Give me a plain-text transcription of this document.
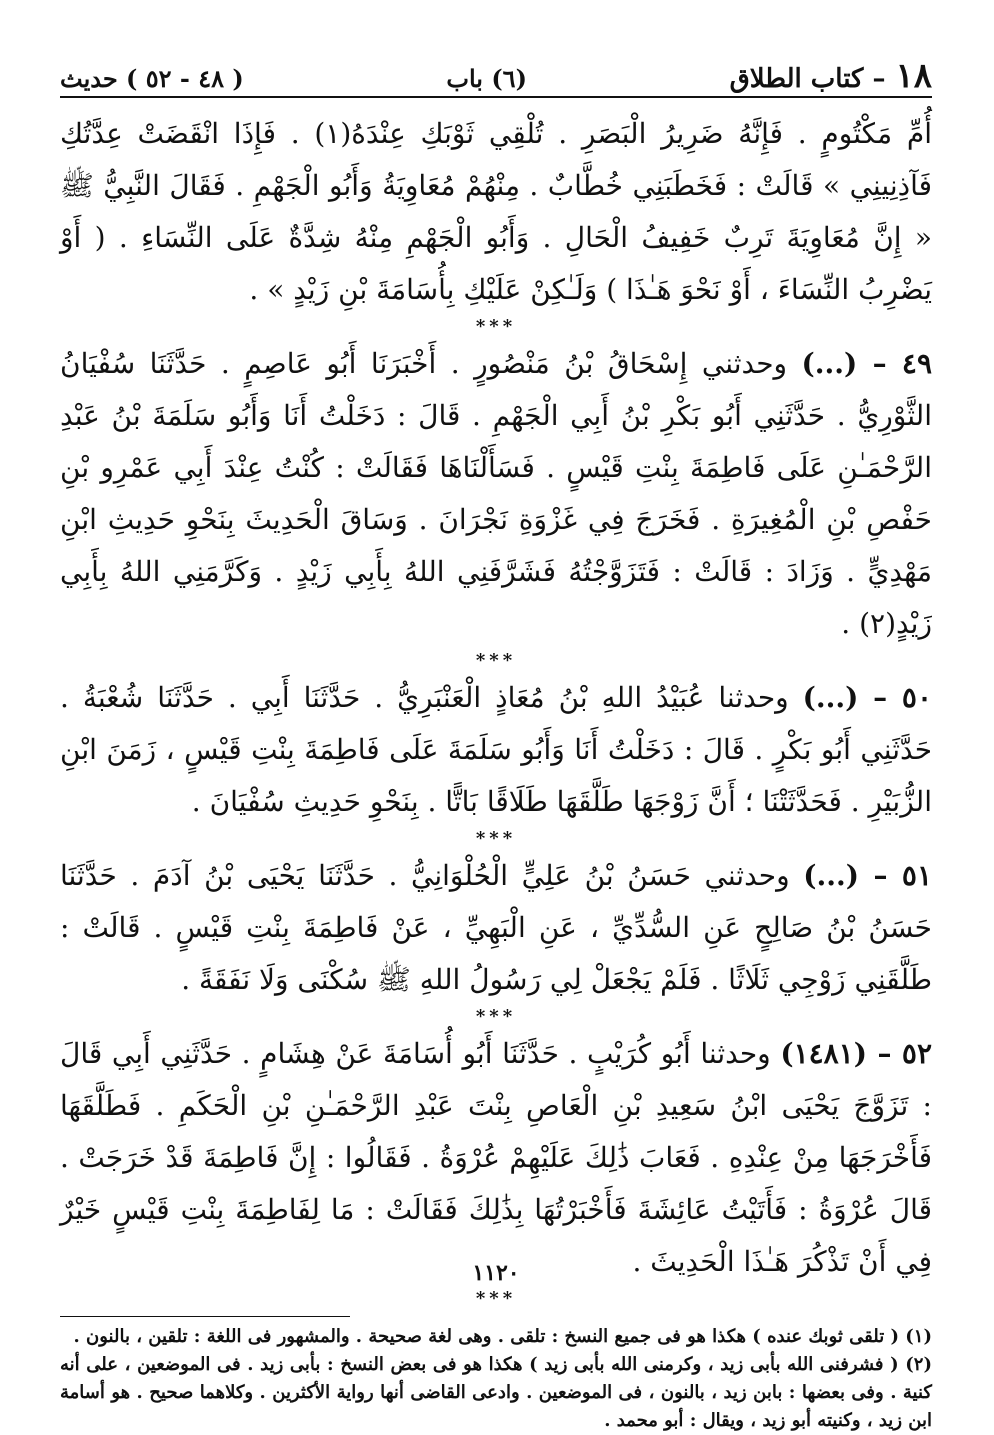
١٨– كتاب الطلاق
(٦) باب
( ٤٨ - ٥٢ ) حديث

أُمِّ مَكْتُومٍ . فَإِنَّهُ ضَرِيرُ الْبَصَرِ . تُلْقِي ثَوْبَكِ عِنْدَهُ(١) . فَإِذَا انْقَضَتْ عِدَّتُكِ فَآذِنِينِي » قَالَتْ : فَخَطَبَنِي خُطَّابٌ . مِنْهُمْ مُعَاوِيَةُ وَأَبُو الْجَهْمِ . فَقَالَ النَّبِيُّ ﷺ « إِنَّ مُعَاوِيَةَ تَرِبٌ خَفِيفُ الْحَالِ . وَأَبُو الْجَهْمِ مِنْهُ شِدَّةٌ عَلَى النِّسَاءِ . ( أَوْ يَضْرِبُ النِّسَاءَ ، أَوْ نَحْوَ هَـٰذَا ) وَلَـٰكِنْ عَلَيْكِ بِأُسَامَةَ بْنِ زَيْدٍ » .

***

٤٩ – (...) وحدثني إِسْحَاقُ بْنُ مَنْصُورٍ . أَخْبَرَنَا أَبُو عَاصِمٍ . حَدَّثَنَا سُفْيَانُ الثَّوْرِيُّ . حَدَّثَنِي أَبُو بَكْرِ بْنُ أَبِي الْجَهْمِ . قَالَ : دَخَلْتُ أَنَا وَأَبُو سَلَمَةَ بْنُ عَبْدِ الرَّحْمَـٰنِ عَلَى فَاطِمَةَ بِنْتِ قَيْسٍ . فَسَأَلْنَاهَا فَقَالَتْ : كُنْتُ عِنْدَ أَبِي عَمْرِو بْنِ حَفْصِ بْنِ الْمُغِيرَةِ . فَخَرَجَ فِي غَزْوَةِ نَجْرَانَ . وَسَاقَ الْحَدِيثَ بِنَحْوِ حَدِيثِ ابْنِ مَهْدِيٍّ . وَزَادَ : قَالَتْ : فَتَزَوَّجْتُهُ فَشَرَّفَنِي اللهُ بِأَبِي زَيْدٍ . وَكَرَّمَنِي اللهُ بِأَبِي زَيْدٍ(٢) .

***

٥٠ – (...) وحدثنا عُبَيْدُ اللهِ بْنُ مُعَاذٍ الْعَنْبَرِيُّ . حَدَّثَنَا أَبِي . حَدَّثَنَا شُعْبَةُ . حَدَّثَنِي أَبُو بَكْرٍ . قَالَ : دَخَلْتُ أَنَا وَأَبُو سَلَمَةَ عَلَى فَاطِمَةَ بِنْتِ قَيْسٍ ، زَمَنَ ابْنِ الزُّبَيْرِ . فَحَدَّثَتْنَا ؛ أَنَّ زَوْجَهَا طَلَّقَهَا طَلَاقًا بَاتًّا . بِنَحْوِ حَدِيثِ سُفْيَانَ .

***

٥١ – (...) وحدثني حَسَنُ بْنُ عَلِيٍّ الْحُلْوَانِيُّ . حَدَّثَنَا يَحْيَى بْنُ آدَمَ . حَدَّثَنَا حَسَنُ بْنُ صَالِحٍ عَنِ السُّدِّيِّ ، عَنِ الْبَهِيِّ ، عَنْ فَاطِمَةَ بِنْتِ قَيْسٍ . قَالَتْ : طَلَّقَنِي زَوْجِي ثَلَاثًا . فَلَمْ يَجْعَلْ لِي رَسُولُ اللهِ ﷺ سُكْنَى وَلَا نَفَقَةً .

***

٥٢ – (١٤٨١) وحدثنا أَبُو كُرَيْبٍ . حَدَّثَنَا أَبُو أُسَامَةَ عَنْ هِشَامٍ . حَدَّثَنِي أَبِي قَالَ : تَزَوَّجَ يَحْيَى ابْنُ سَعِيدِ بْنِ الْعَاصِ بِنْتَ عَبْدِ الرَّحْمَـٰنِ بْنِ الْحَكَمِ . فَطَلَّقَهَا فَأَخْرَجَهَا مِنْ عِنْدِهِ . فَعَابَ ذَٰلِكَ عَلَيْهِمْ عُرْوَةُ . فَقَالُوا : إِنَّ فَاطِمَةَ قَدْ خَرَجَتْ . قَالَ عُرْوَةُ : فَأَتَيْتُ عَائِشَةَ فَأَخْبَرْتُهَا بِذَٰلِكَ فَقَالَتْ : مَا لِفَاطِمَةَ بِنْتِ قَيْسٍ خَيْرٌ فِي أَنْ تَذْكُرَ هَـٰذَا الْحَدِيثَ .

***

(١) ( تلقى ثوبك عنده ) هكذا هو فى جميع النسخ : تلقى . وهى لغة صحيحة . والمشهور فى اللغة : تلقين ، بالنون .

(٢) ( فشرفنى الله بأبى زيد ، وكرمنى الله بأبى زيد ) هكذا هو فى بعض النسخ : بأبى زيد . فى الموضعين ، على أنه كنية . وفى بعضها : بابن زيد ، بالنون ، فى الموضعين . وادعى القاضى أنها رواية الأكثرين . وكلاهما صحيح . هو أسامة ابن زيد ، وكنيته أبو زيد ، ويقال : أبو محمد .

١١٢٠
